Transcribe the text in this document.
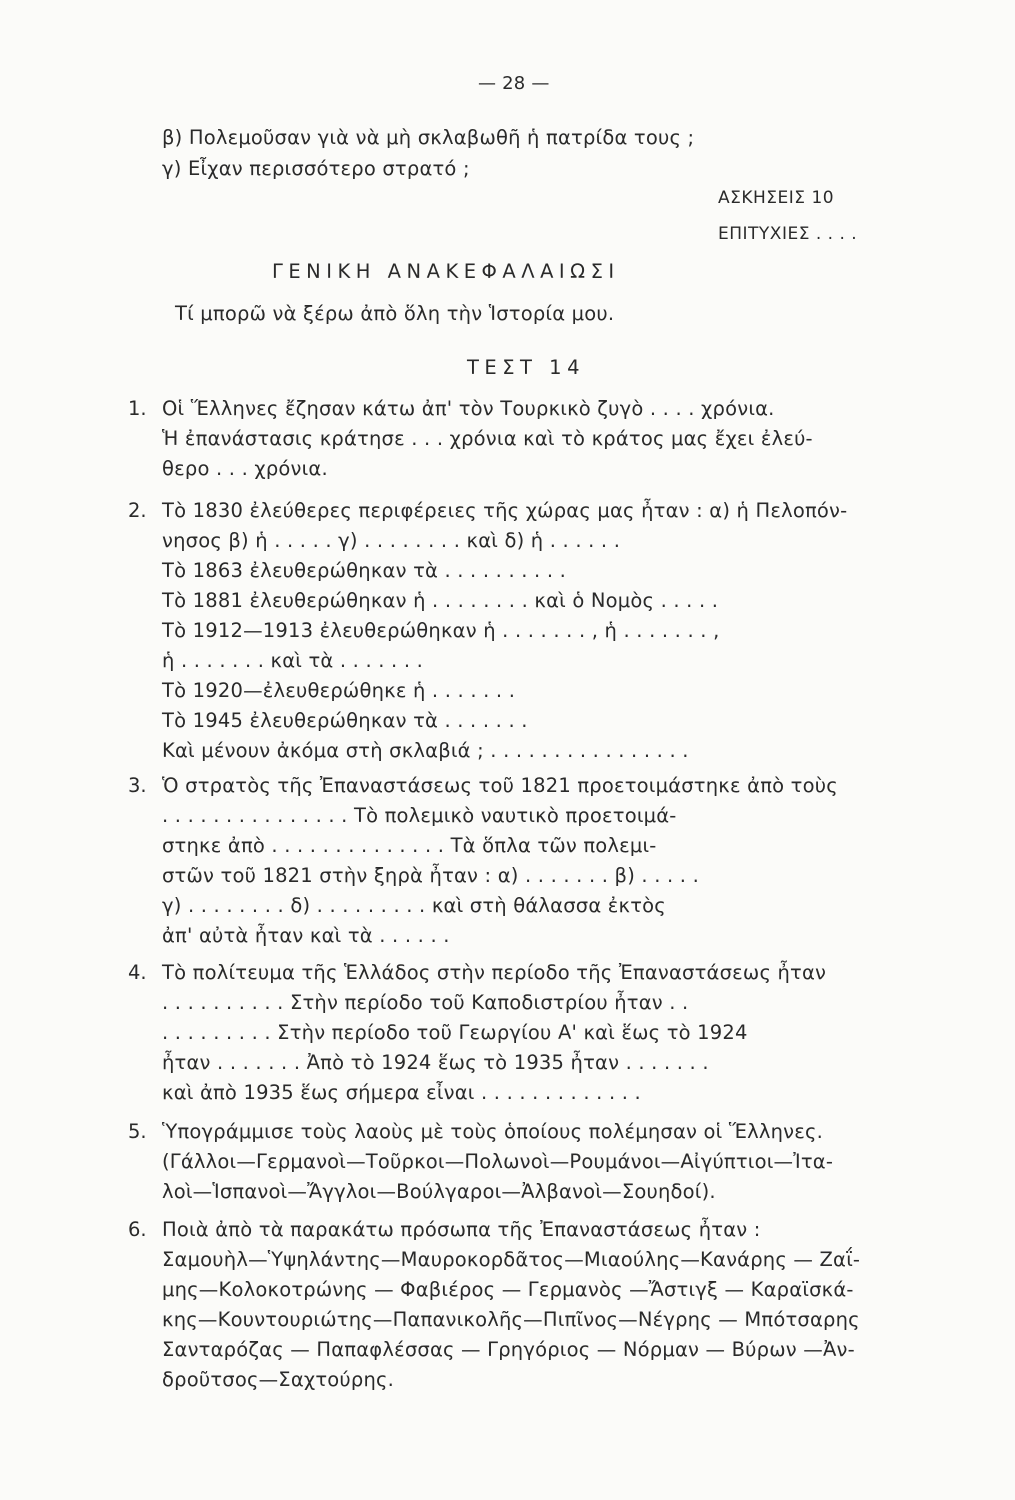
— 28 —
β) Πολεμοῦσαν γιὰ νὰ μὴ σκλαβωθῆ ἡ πατρίδα τους ;
γ) Εἶχαν περισσότερο στρατό ;
ΑΣΚΗΣΕΙΣ 10
ΕΠΙΤΥΧΙΕΣ . . . .
ΓΕΝΙΚΗ ΑΝΑΚΕΦΑΛΑΙΩΣΙ
Τί μπορῶ νὰ ξέρω ἀπὸ ὅλη τὴν Ἱστορία μου.
ΤΕΣΤ 14
1. Οἱ Ἕλληνες ἔζησαν κάτω ἀπ' τὸν Τουρκικὸ ζυγὸ . . . . χρόνια.
Ἡ ἐπανάστασις κράτησε . . . χρόνια καὶ τὸ κράτος μας ἔχει ἐλεύ-
θερο . . . χρόνια.
2. Τὸ 1830 ἐλεύθερες περιφέρειες τῆς χώρας μας ἦταν : α) ἡ Πελοπόν-
νησος β) ἡ . . . . . γ) . . . . . . . . καὶ δ) ἡ . . . . . .
Τὸ 1863 ἐλευθερώθηκαν τὰ . . . . . . . . . .
Τὸ 1881 ἐλευθερώθηκαν ἡ . . . . . . . . καὶ ὁ Νομὸς . . . . .
Τὸ 1912—1913 ἐλευθερώθηκαν ἡ . . . . . . . , ἡ . . . . . . . ,
ἡ . . . . . . . καὶ τὰ . . . . . . .
Τὸ 1920—ἐλευθερώθηκε ἡ . . . . . . .
Τὸ 1945 ἐλευθερώθηκαν τὰ . . . . . . .
Καὶ μένουν ἀκόμα στὴ σκλαβιά ; . . . . . . . . . . . . . . . .
3. Ὁ στρατὸς τῆς Ἐπαναστάσεως τοῦ 1821 προετοιμάστηκε ἀπὸ τοὺς
. . . . . . . . . . . . . . . Τὸ πολεμικὸ ναυτικὸ προετοιμά-
στηκε ἀπὸ . . . . . . . . . . . . . . Τὰ ὅπλα τῶν πολεμι-
στῶν τοῦ 1821 στὴν ξηρὰ ἦταν : α) . . . . . . . β) . . . . .
γ) . . . . . . . . δ) . . . . . . . . . καὶ στὴ θάλασσα ἐκτὸς
ἀπ' αὐτὰ ἦταν καὶ τὰ . . . . . .
4. Τὸ πολίτευμα τῆς Ἑλλάδος στὴν περίοδο τῆς Ἐπαναστάσεως ἦταν
. . . . . . . . . . Στὴν περίοδο τοῦ Καποδιστρίου ἦταν . .
. . . . . . . . . Στὴν περίοδο τοῦ Γεωργίου Α' καὶ ἕως τὸ 1924
ἦταν . . . . . . . Ἀπὸ τὸ 1924 ἕως τὸ 1935 ἦταν . . . . . . .
καὶ ἀπὸ 1935 ἕως σήμερα εἶναι . . . . . . . . . . . . .
5. Ὑπογράμμισε τοὺς λαοὺς μὲ τοὺς ὁποίους πολέμησαν οἱ Ἕλληνες.
(Γάλλοι—Γερμανοὶ—Τοῦρκοι—Πολωνοὶ—Ρουμάνοι—Αἰγύπτιοι—Ἰτα-
λοὶ—Ἱσπανοὶ—Ἄγγλοι—Βούλγαροι—Ἀλβανοὶ—Σουηδοί).
6. Ποιὰ ἀπὸ τὰ παρακάτω πρόσωπα τῆς Ἐπαναστάσεως ἦταν :
Σαμουὴλ—Ὑψηλάντης—Μαυροκορδᾶτος—Μιαούλης—Κανάρης — Ζαΐ-
μης—Κολοκοτρώνης — Φαβιέρος — Γερμανὸς —Ἄστιγξ — Καραϊσκά-
κης—Κουντουριώτης—Παπανικολῆς—Πιπῖνος—Νέγρης — Μπότσαρης
Σανταρόζας — Παπαφλέσσας — Γρηγόριος — Νόρμαν — Βύρων —Ἀν-
δροῦτσος—Σαχτούρης.
